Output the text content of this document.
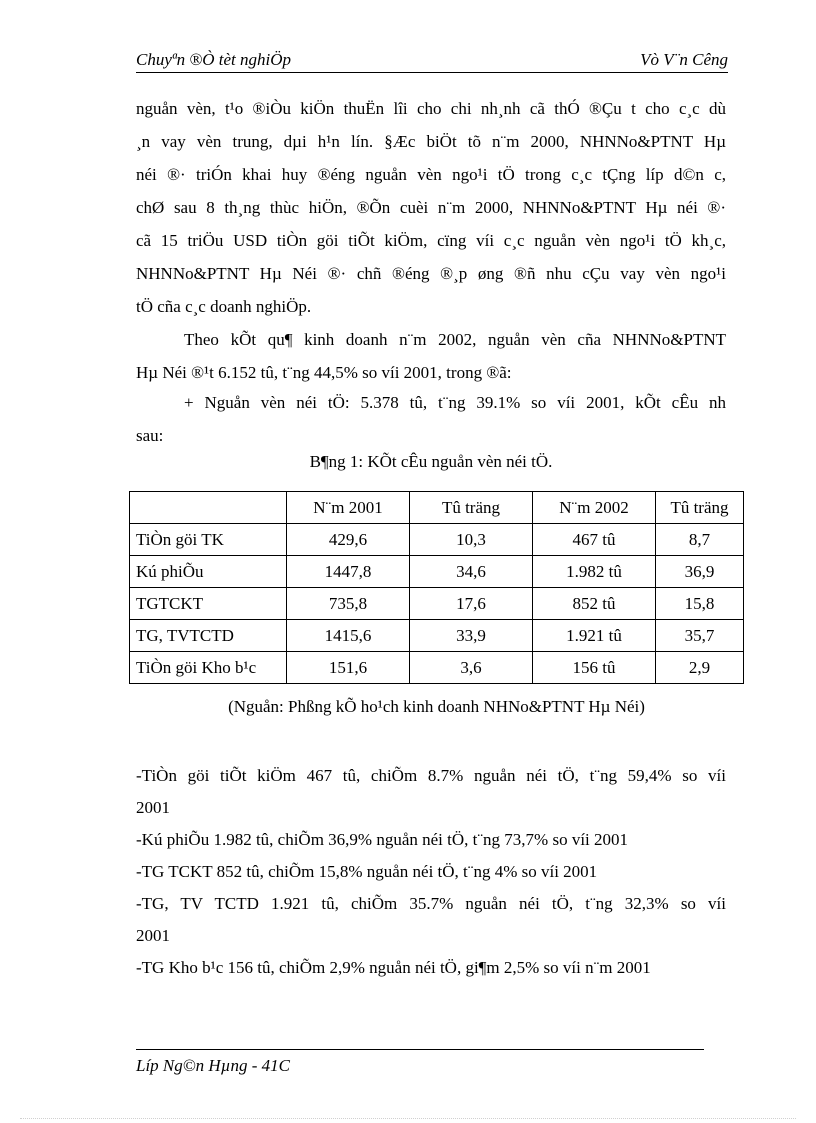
Chuyªn ®Ò tèt nghiÖp	Vò V¨n Cêng
nguån vèn, t¹o ®iÒu kiÖn thuËn lîi cho chi nh¸nh cã thÓ ®Çu t cho c¸c dù
¸n vay vèn trung, dµi h¹n lín. §Æc biÖt tõ n¨m 2000, NHNNo&PTNT Hµ
néi ®· triÓn khai huy ®éng nguån vèn ngo¹i tÖ trong c¸c tÇng líp d©n c,
chØ sau 8 th¸ng thùc hiÖn, ®Õn cuèi n¨m 2000, NHNNo&PTNT Hµ néi ®·
cã 15 triÖu USD tiÒn göi tiÕt kiÖm, cïng víi c¸c nguån vèn ngo¹i tÖ kh¸c,
NHNNo&PTNT Hµ Néi ®· chñ ®éng ®¸p øng ®ñ nhu cÇu vay vèn ngo¹i
tÖ cña c¸c doanh nghiÖp.
Theo kÕt qu¶ kinh doanh n¨m 2002, nguån vèn cña NHNNo&PTNT
Hµ Néi ®¹t 6.152 tû, t¨ng 44,5% so víi 2001, trong ®ã:
+ Nguån vèn néi tÖ: 5.378 tû, t¨ng 39.1% so víi 2001, kÕt cÊu nh
sau:
B¶ng 1: KÕt cÊu nguån vèn néi tÖ.
	N¨m 2001	Tû träng	N¨m 2002	Tû träng
TiÒn göi TK	429,6	10,3	467 tû	8,7
Kú phiÕu	1447,8	34,6	1.982 tû	36,9
TGTCKT	735,8	17,6	852 tû	15,8
TG, TVTCTD	1415,6	33,9	1.921 tû	35,7
TiÒn göi Kho b¹c	151,6	3,6	156 tû	2,9
(Nguån: Phßng kÕ ho¹ch kinh doanh NHNo&PTNT Hµ Néi)
-TiÒn göi tiÕt kiÖm 467 tû, chiÕm 8.7% nguån néi tÖ, t¨ng 59,4% so víi
2001
-Kú phiÕu 1.982 tû, chiÕm 36,9% nguån néi tÖ, t¨ng 73,7% so víi 2001
-TG TCKT 852 tû, chiÕm 15,8% nguån néi tÖ, t¨ng 4% so víi 2001
-TG, TV TCTD 1.921 tû, chiÕm 35.7% nguån néi tÖ, t¨ng 32,3% so víi
2001
-TG Kho b¹c 156 tû, chiÕm 2,9% nguån néi tÖ, gi¶m 2,5% so víi n¨m 2001
Líp Ng©n Hµng - 41C
